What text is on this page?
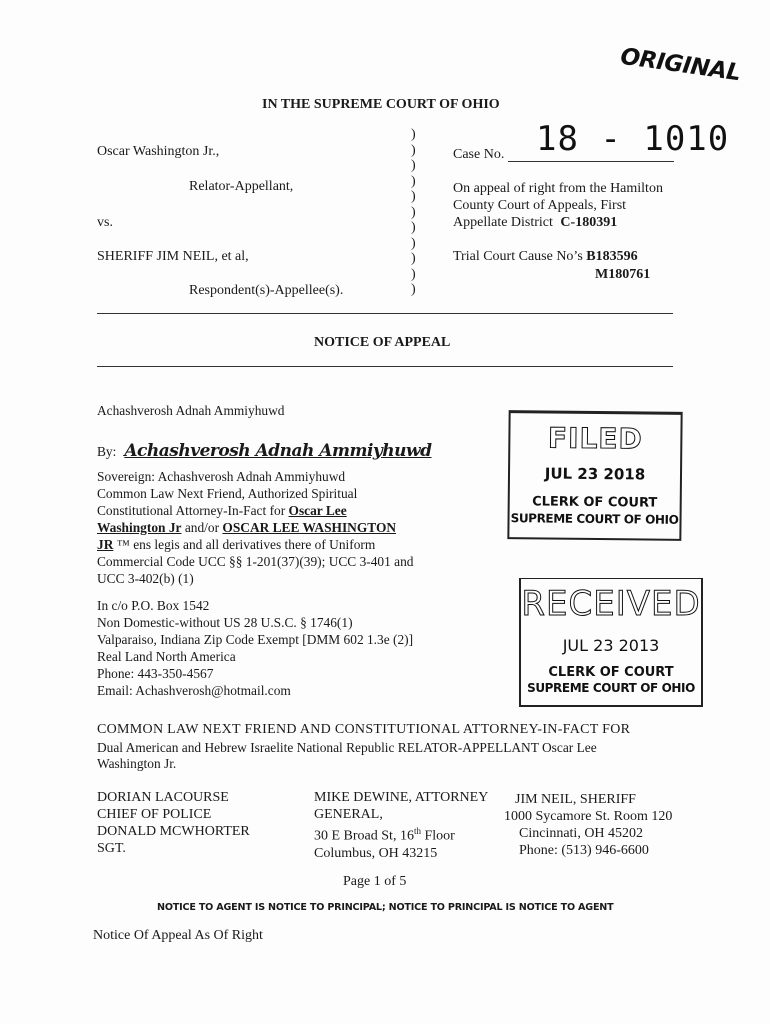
ORIGINAL
IN THE SUPREME COURT OF OHIO
Oscar Washington Jr.,
Relator-Appellant,
vs.
SHERIFF JIM NEIL, et al,
Respondent(s)-Appellee(s).
)
)
)
)
)
)
)
)
)
)
)
Case No. 18 - 1010
On appeal of right from the Hamilton
County Court of Appeals, First
Appellate District C-180391
Trial Court Cause No’s B183596
M180761
NOTICE OF APPEAL
Achashverosh Adnah Ammiyhuwd
By: Achashverosh Adnah Ammiyhuwd
Sovereign: Achashverosh Adnah Ammiyhuwd
Common Law Next Friend, Authorized Spiritual
Constitutional Attorney-In-Fact for Oscar Lee
Washington Jr and/or OSCAR LEE WASHINGTON
JR ™ ens legis and all derivatives there of Uniform
Commercial Code UCC §§ 1-201(37)(39); UCC 3-401 and
UCC 3-402(b) (1)
In c/o P.O. Box 1542
Non Domestic-without US 28 U.S.C. § 1746(1)
Valparaiso, Indiana Zip Code Exempt [DMM 602 1.3e (2)]
Real Land North America
Phone: 443-350-4567
Email: Achashverosh@hotmail.com
FILED
JUL 23 2018
CLERK OF COURT
SUPREME COURT OF OHIO
RECEIVED
JUL 23 2013
CLERK OF COURT
SUPREME COURT OF OHIO
COMMON LAW NEXT FRIEND AND CONSTITUTIONAL ATTORNEY-IN-FACT FOR
Dual American and Hebrew Israelite National Republic RELATOR-APPELLANT Oscar Lee
Washington Jr.
DORIAN LACOURSE
CHIEF OF POLICE
DONALD MCWHORTER
SGT.
MIKE DEWINE, ATTORNEY
GENERAL,
30 E Broad St, 16th Floor
Columbus, OH 43215
JIM NEIL, SHERIFF
1000 Sycamore St. Room 120
Cincinnati, OH 45202
Phone: (513) 946-6600
Page 1 of 5
NOTICE TO AGENT IS NOTICE TO PRINCIPAL; NOTICE TO PRINCIPAL IS NOTICE TO AGENT
Notice Of Appeal As Of Right
